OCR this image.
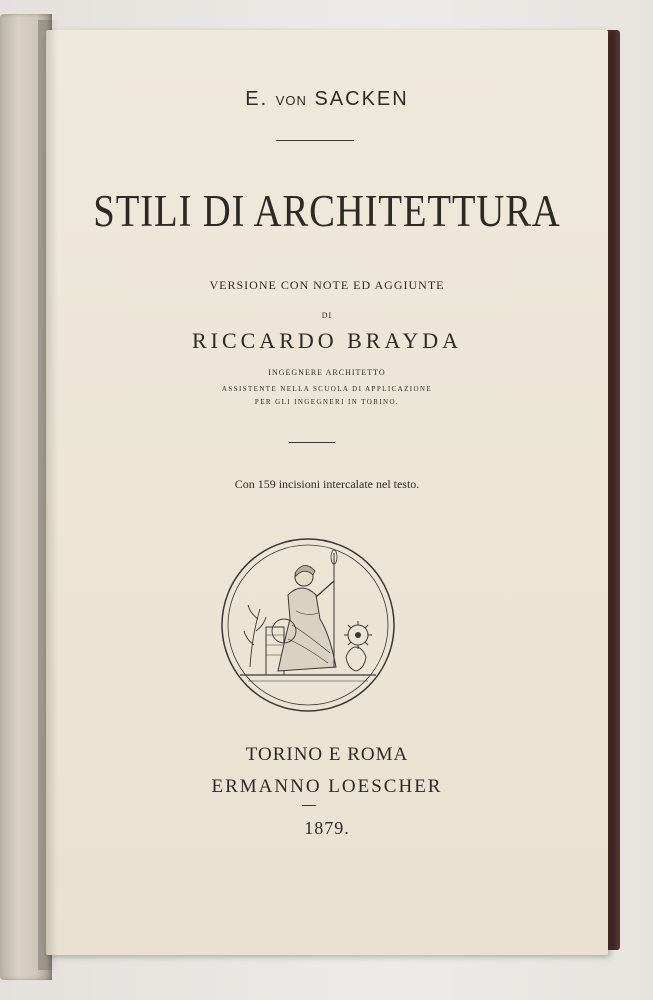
E. VON SACKEN
STILI DI ARCHITETTURA
VERSIONE CON NOTE ED AGGIUNTE
DI
RICCARDO BRAYDA
INGEGNERE ARCHITETTO
ASSISTENTE NELLA SCUOLA DI APPLICAZIONE
PER GLI INGEGNERI IN TORINO.
Con 159 incisioni intercalate nel testo.
TORINO E ROMA
ERMANNO LOESCHER
1879.
